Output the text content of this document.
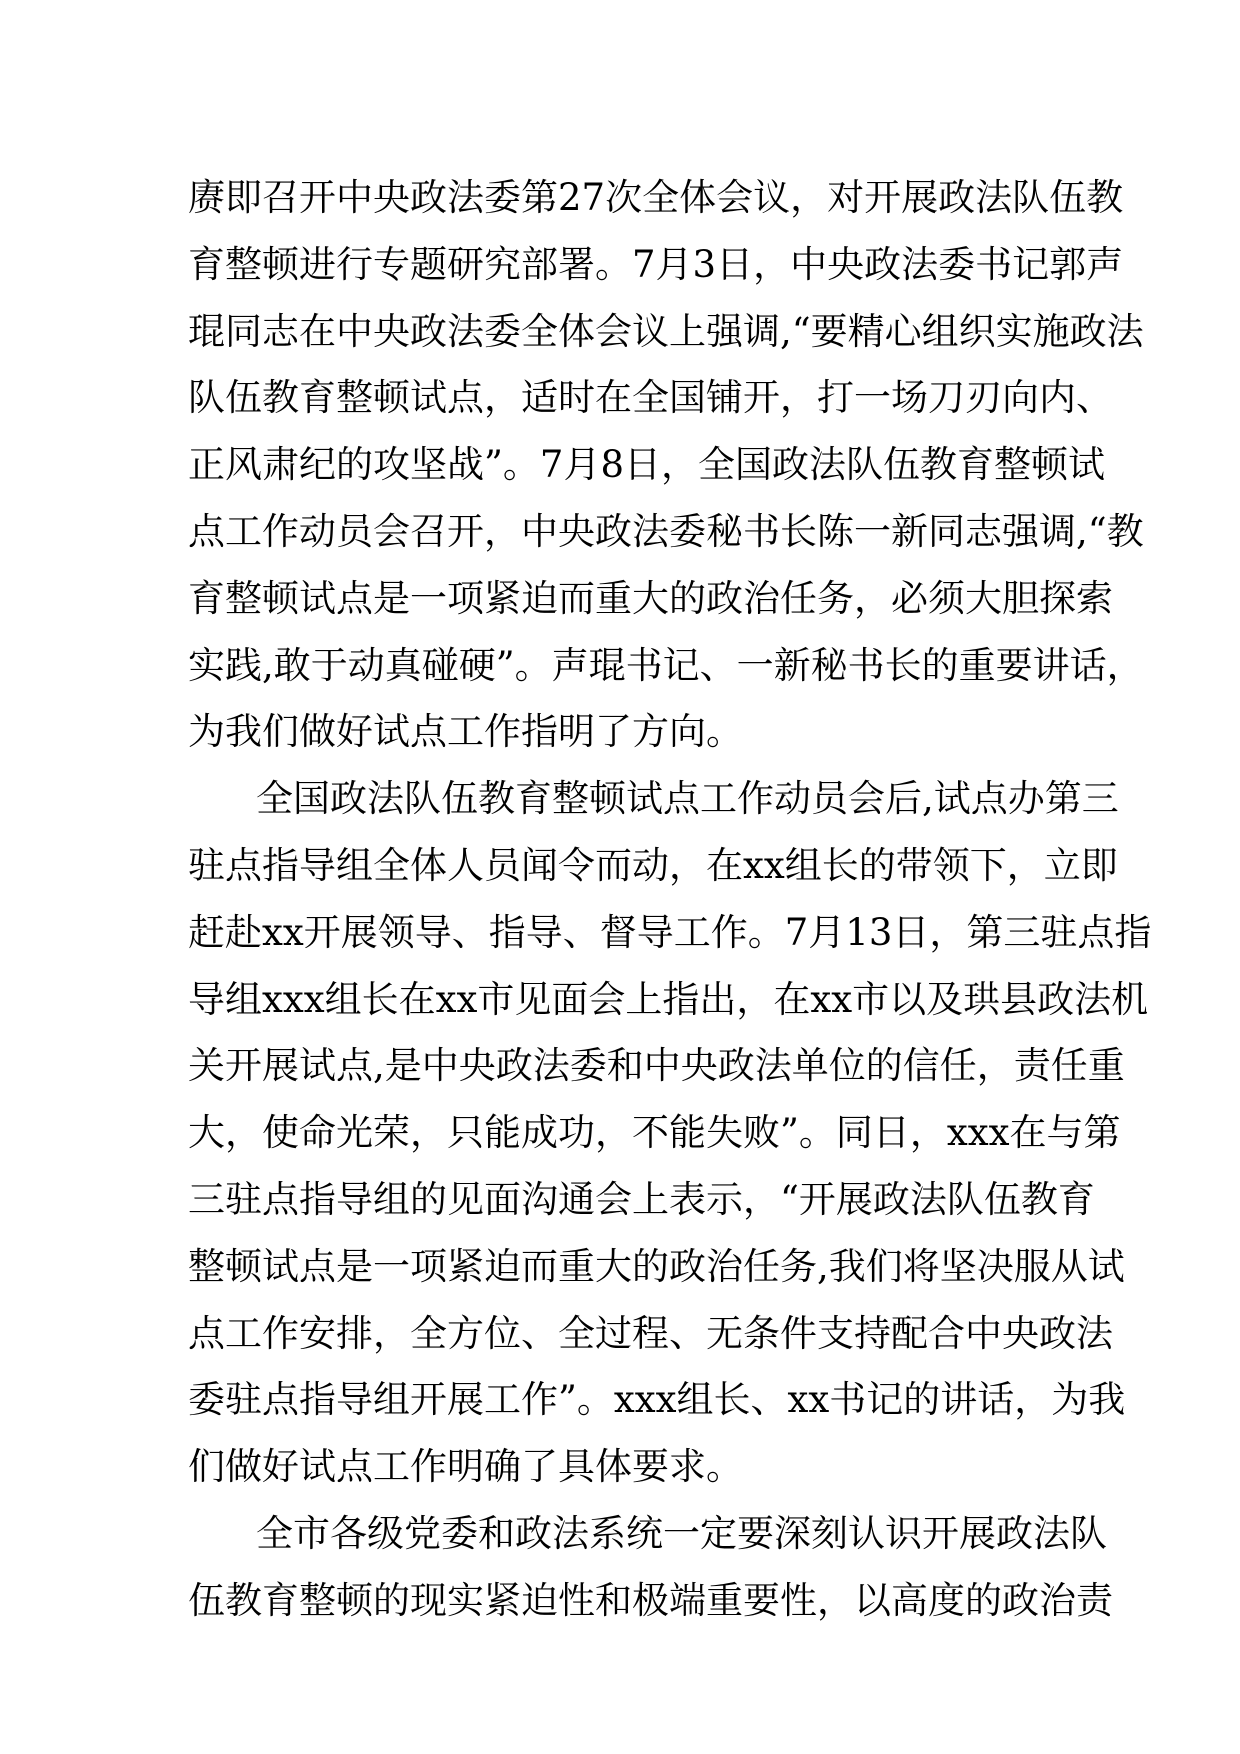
赓即召开中央政法委第27次全体会议，对开展政法队伍教
育整顿进行专题研究部署。7月3日，中央政法委书记郭声
琨同志在中央政法委全体会议上强调,“要精心组织实施政法
队伍教育整顿试点，适时在全国铺开，打一场刀刃向内、
正风肃纪的攻坚战”。7月8日，全国政法队伍教育整顿试
点工作动员会召开，中央政法委秘书长陈一新同志强调,“教
育整顿试点是一项紧迫而重大的政治任务，必须大胆探索
实践,敢于动真碰硬”。声琨书记、一新秘书长的重要讲话，
为我们做好试点工作指明了方向。
全国政法队伍教育整顿试点工作动员会后,试点办第三
驻点指导组全体人员闻令而动，在xx组长的带领下，立即
赶赴xx开展领导、指导、督导工作。7月13日，第三驻点指
导组xxx组长在xx市见面会上指出，在xx市以及珙县政法机
关开展试点,是中央政法委和中央政法单位的信任，责任重
大，使命光荣，只能成功，不能失败”。同日，xxx在与第
三驻点指导组的见面沟通会上表示，“开展政法队伍教育
整顿试点是一项紧迫而重大的政治任务,我们将坚决服从试
点工作安排，全方位、全过程、无条件支持配合中央政法
委驻点指导组开展工作”。xxx组长、xx书记的讲话，为我
们做好试点工作明确了具体要求。
全市各级党委和政法系统一定要深刻认识开展政法队
伍教育整顿的现实紧迫性和极端重要性，以高度的政治责
